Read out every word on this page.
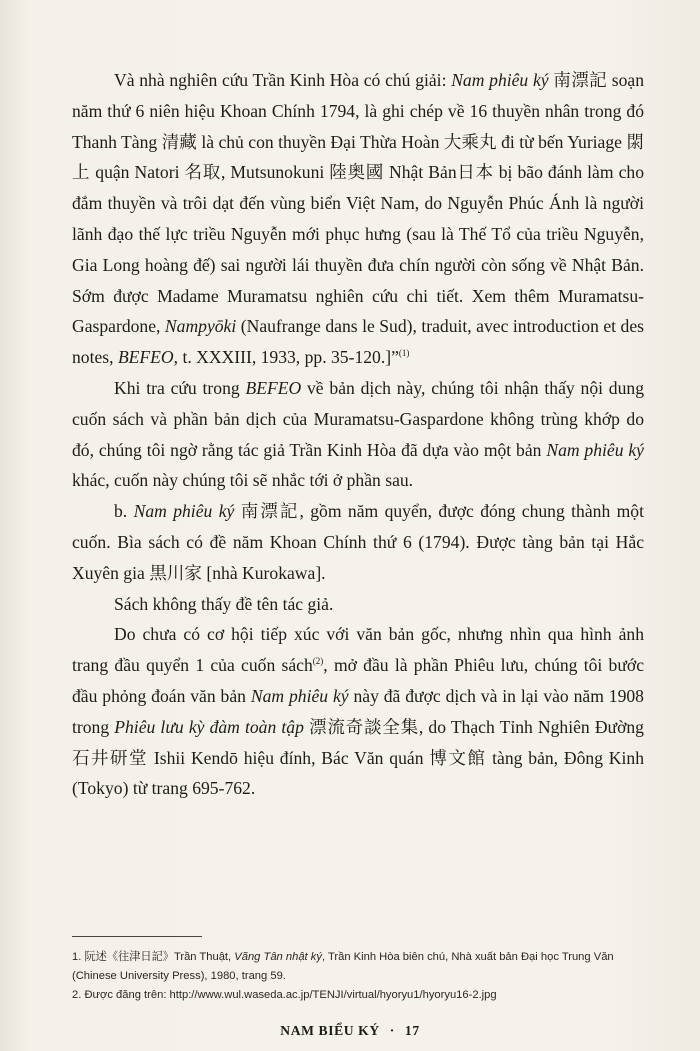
Và nhà nghiên cứu Trần Kinh Hòa có chú giải: Nam phiêu ký 南漂記 soạn năm thứ 6 niên hiệu Khoan Chính 1794, là ghi chép về 16 thuyền nhân trong đó Thanh Tàng 清藏 là chủ con thuyền Đại Thừa Hoàn 大乘丸 đi từ bến Yuriage 閖上 quận Natori 名取, Mutsunokuni 陸奥國 Nhật Bản日本 bị bão đánh làm cho đắm thuyền và trôi dạt đến vùng biển Việt Nam, do Nguyễn Phúc Ánh là người lãnh đạo thế lực triều Nguyễn mới phục hưng (sau là Thế Tổ của triều Nguyễn, Gia Long hoàng đế) sai người lái thuyền đưa chín người còn sống về Nhật Bản. Sớm được Madame Muramatsu nghiên cứu chi tiết. Xem thêm Muramatsu-Gaspardone, Nampyōki (Naufrange dans le Sud), traduit, avec introduction et des notes, BEFEO, t. XXXIII, 1933, pp. 35-120.]”$^{(1)}$

Khi tra cứu trong BEFEO về bản dịch này, chúng tôi nhận thấy nội dung cuốn sách và phần bản dịch của Muramatsu-Gaspardone không trùng khớp do đó, chúng tôi ngờ rằng tác giả Trần Kinh Hòa đã dựa vào một bản Nam phiêu ký khác, cuốn này chúng tôi sẽ nhắc tới ở phần sau.

b. Nam phiêu ký 南漂記, gồm năm quyển, được đóng chung thành một cuốn. Bìa sách có đề năm Khoan Chính thứ 6 (1794). Được tàng bản tại Hắc Xuyên gia 黒川家 [nhà Kurokawa].

Sách không thấy đề tên tác giả.

Do chưa có cơ hội tiếp xúc với văn bản gốc, nhưng nhìn qua hình ảnh trang đầu quyển 1 của cuốn sách$^{(2)}$, mở đầu là phần Phiêu lưu, chúng tôi bước đầu phỏng đoán văn bản Nam phiêu ký này đã được dịch và in lại vào năm 1908 trong Phiêu lưu kỳ đàm toàn tập 漂流奇談全集, do Thạch Tỉnh Nghiên Đường 石井研堂 Ishii Kendō hiệu đính, Bác Văn quán 博文館 tàng bản, Đông Kinh (Tokyo) từ trang 695-762.

1. 阮述《往津日記》Trần Thuật, Vãng Tân nhật ký, Trần Kinh Hòa biên chú, Nhà xuất bản Đại học Trung Văn (Chinese University Press), 1980, trang 59.
2. Được đăng trên: http://www.wul.waseda.ac.jp/TENJI/virtual/hyoryu1/hyoryu16-2.jpg
NAM BIỂU KÝ · 17
